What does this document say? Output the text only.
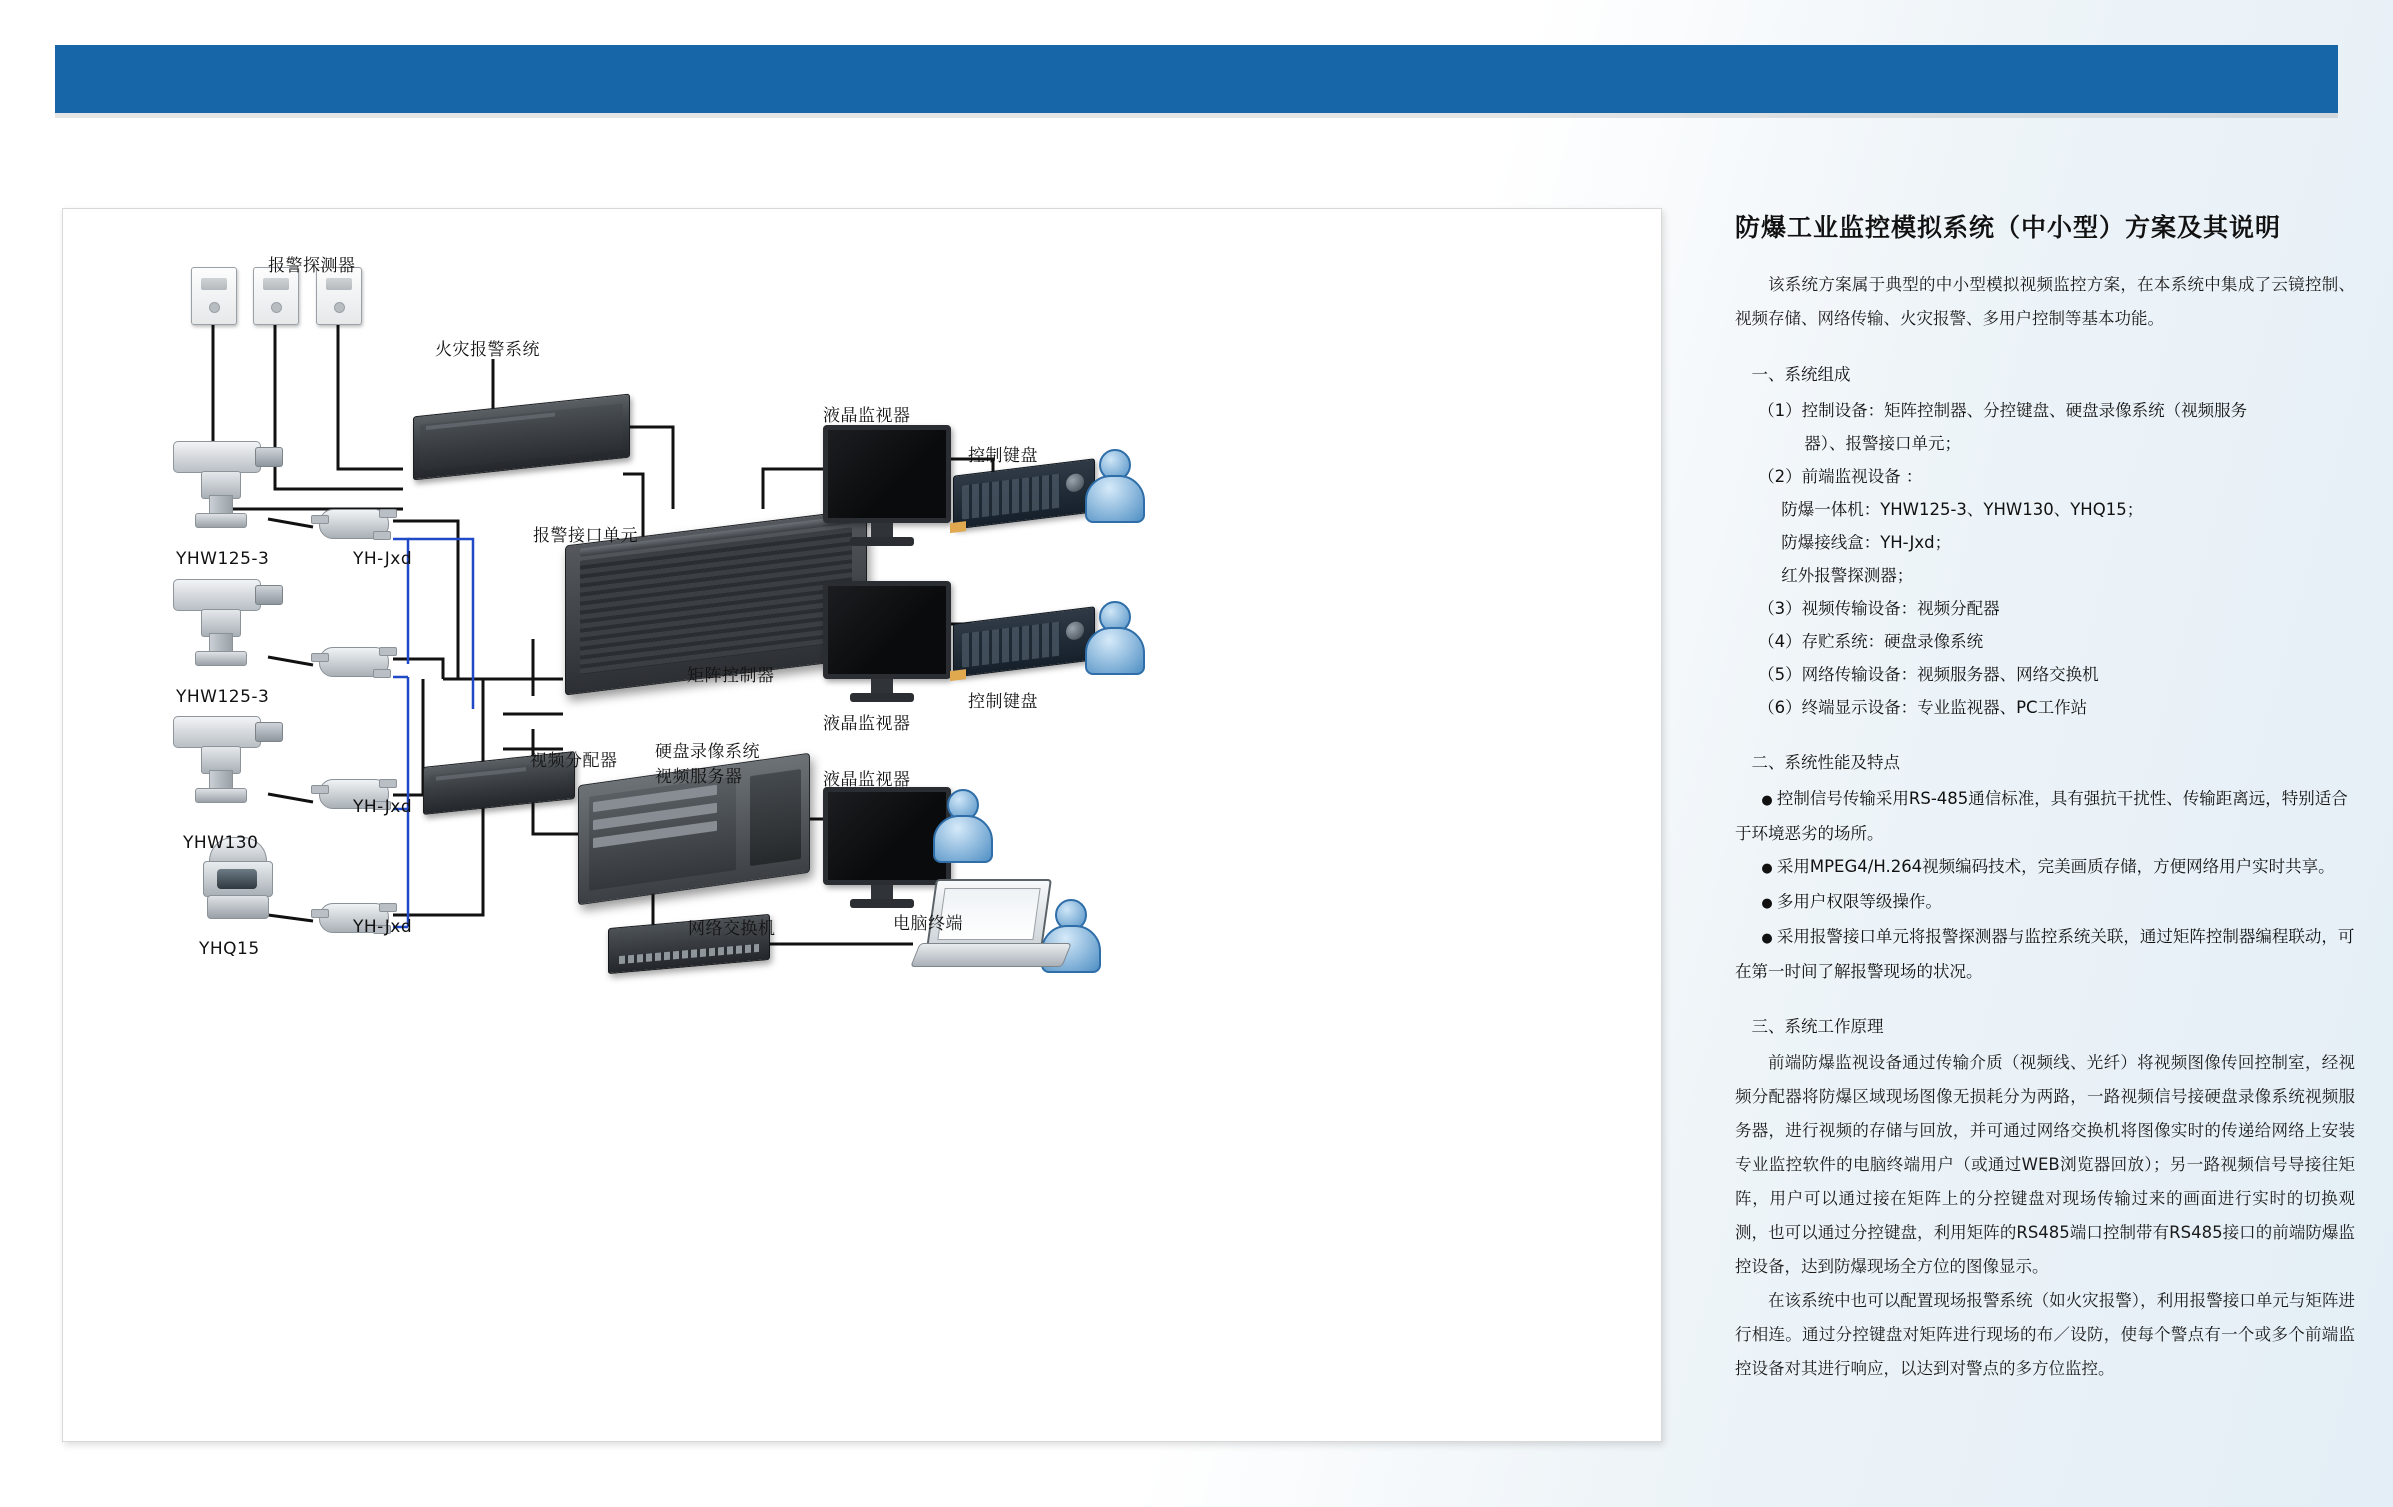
报警探测器
火灾报警系统
报警接口单元
YHW125-3	YH-Jxd
YHW125-3
YHW130
YH-Jxd
YHQ15
YH-Jxd
矩阵控制器
视频分配器
液晶监视器
控制键盘
液晶监视器
控制键盘
硬盘录像系统
视频服务器	液晶监视器
网络交换机	电脑终端
防爆工业监控模拟系统（中小型）方案及其说明
该系统方案属于典型的中小型模拟视频监控方案，在本系统中集成了云镜控制、视频存储、网络传输、火灾报警、多用户控制等基本功能。
一、系统组成
（1）控制设备：矩阵控制器、分控键盘、硬盘录像系统（视频服务
器）、报警接口单元；
（2）前端监视设备 ：
防爆一体机：YHW125-3、YHW130、YHQ15；
防爆接线盒：YH-Jxd；
红外报警探测器；
（3）视频传输设备：视频分配器
（4）存贮系统：硬盘录像系统
（5）网络传输设备：视频服务器、网络交换机
（6）终端显示设备：专业监视器、PC工作站
二、系统性能及特点
● 控制信号传输采用RS-485通信标准，具有强抗干扰性、传输距离远，特别适合于环境恶劣的场所。
● 采用MPEG4/H.264视频编码技术，完美画质存储，方便网络用户实时共享。
● 多用户权限等级操作。
● 采用报警接口单元将报警探测器与监控系统关联，通过矩阵控制器编程联动，可在第一时间了解报警现场的状况。
三、系统工作原理
前端防爆监视设备通过传输介质（视频线、光纤）将视频图像传回控制室，经视频分配器将防爆区域现场图像无损耗分为两路，一路视频信号接硬盘录像系统视频服务器，进行视频的存储与回放，并可通过网络交换机将图像实时的传递给网络上安装专业监控软件的电脑终端用户（或通过WEB浏览器回放）；另一路视频信号导接往矩阵，用户可以通过接在矩阵上的分控键盘对现场传输过来的画面进行实时的切换观测，也可以通过分控键盘，利用矩阵的RS485端口控制带有RS485接口的前端防爆监控设备，达到防爆现场全方位的图像显示。
在该系统中也可以配置现场报警系统（如火灾报警），利用报警接口单元与矩阵进行相连。通过分控键盘对矩阵进行现场的布／设防，使每个警点有一个或多个前端监控设备对其进行响应，以达到对警点的多方位监控。
